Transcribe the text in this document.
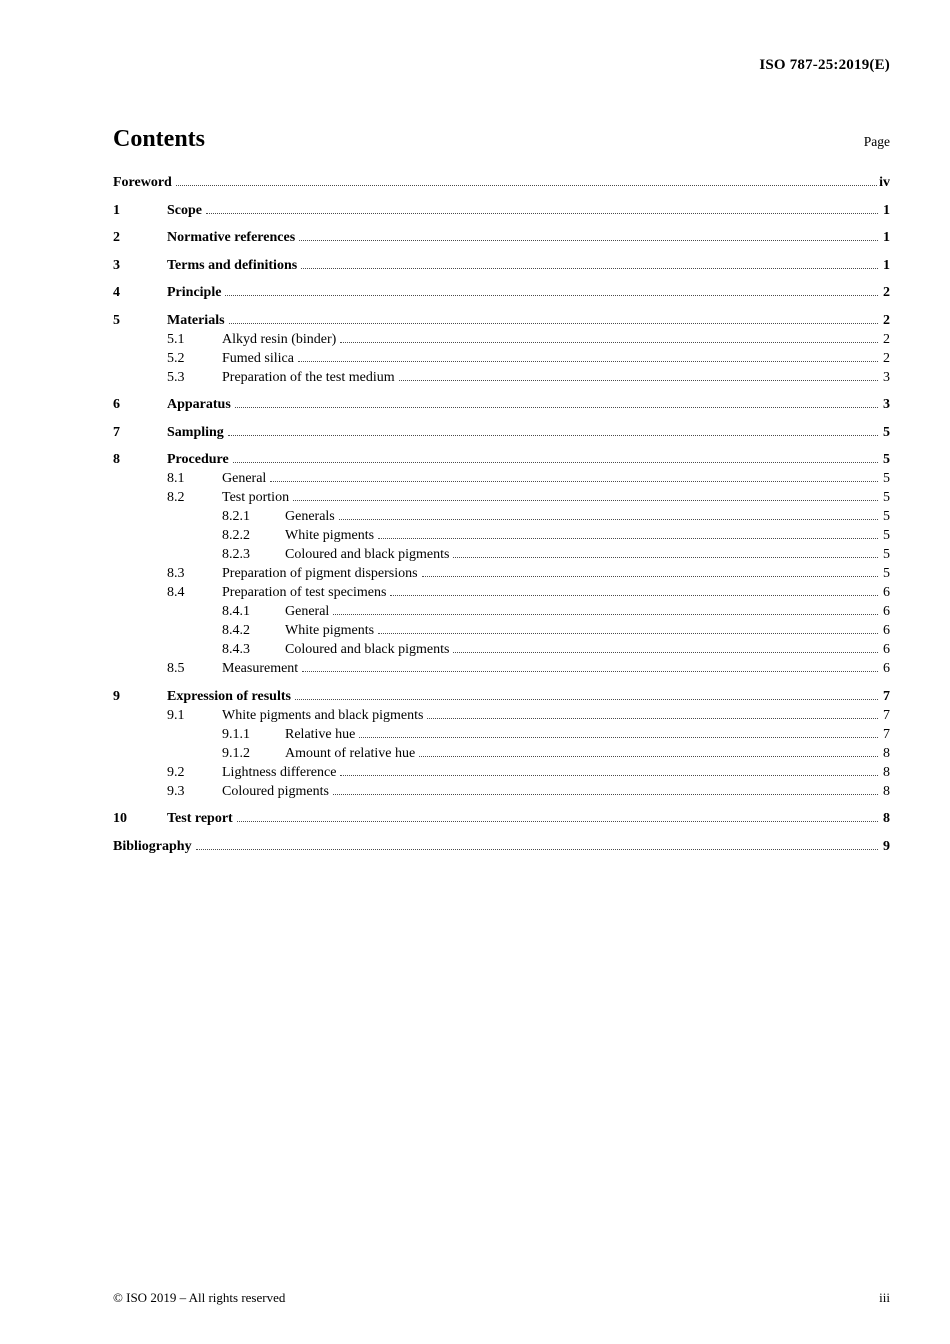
ISO 787-25:2019(E)
Contents	Page
Foreword	iv
1	Scope	1
2	Normative references	1
3	Terms and definitions	1
4	Principle	2
5	Materials	2
5.1	Alkyd resin (binder)	2
5.2	Fumed silica	2
5.3	Preparation of the test medium	3
6	Apparatus	3
7	Sampling	5
8	Procedure	5
8.1	General	5
8.2	Test portion	5
8.2.1	Generals	5
8.2.2	White pigments	5
8.2.3	Coloured and black pigments	5
8.3	Preparation of pigment dispersions	5
8.4	Preparation of test specimens	6
8.4.1	General	6
8.4.2	White pigments	6
8.4.3	Coloured and black pigments	6
8.5	Measurement	6
9	Expression of results	7
9.1	White pigments and black pigments	7
9.1.1	Relative hue	7
9.1.2	Amount of relative hue	8
9.2	Lightness difference	8
9.3	Coloured pigments	8
10	Test report	8
Bibliography	9
© ISO 2019 – All rights reserved	iii
